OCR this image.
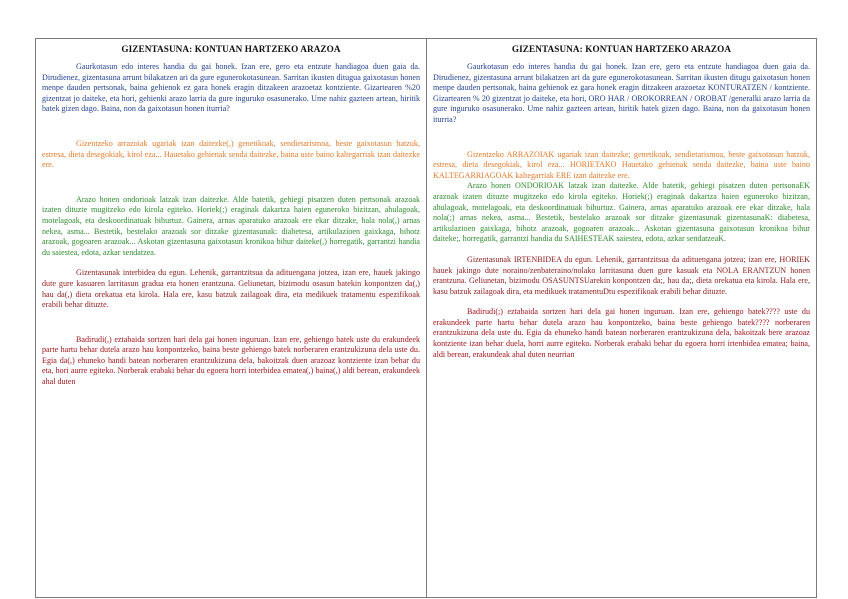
GIZENTASUNA: KONTUAN HARTZEKO ARAZOA

Gaurkotasun edo interes handia du gai honek. Izan ere, gero eta entzute handiagoa duen gaia da. Dirudienez, gizentasuna arrunt bilakatzen ari da gure egunerokotasunean. Sarritan ikusten dituguа gaixotasun honen menpe dauden pertsonak, baina gehienok ez gara honek eragin ditzakeen arazoetaz kontziente. Gizartearen %20 gizentzat jo daiteke, eta hori, gehienki arazo larria da gure inguruko osasunerako. Ume nahiz gazteen artean, hiritik batek gizen dago. Baina, non da gaixotasun honen iturria?

Gizentzeko arrazoiak ugariak izan daitezke(,) genetikoak, sendietarismoa, beste gaixotasun batzuk, estresa, dieta desegokiak, kirol eza... Hauetako gehienak senda daitezke, baina uste baino kaltegarriak izan daitezke ere.

Arazo honen ondorioak latzak izan daitezke. Alde batetik, gehiegi pisatzen duten pertsonak arazoak izaten dituzte mugitzeko edo kirola egiteko. Horiek(;) eraginak dakartza haien eguneroko bizitzan, ahulagoak, motelagoak, eta deskoordinatuak bihurtuz. Gainera, arnas aparatuko arazoak ere ekar ditzake, hala nola(,) arnas nekea, asma... Bestetik, bestelako arazoak sor ditzake gizentasunak: diabetesa, artikulazioen gaixkaga, bihotz arazoak, gogoaren arazoak... Askotan gizentasuna gaixotasun kronikoa bihur daiteke(,) horregatik, garrantzi handia du saiestea, edota, azkar sendatzea.

Gizentasunak interbidea du egun. Lehenik, garrantzitsua da adituengana jotzea, izan ere, hauek jakingo dute gure kasuaren larritasun gradua eta honen erantzuna. Geliunetan, bizimodu osasun batekin konpontzen da(,) hau da(,) dieta orekatua eta kirola. Hala ere, kasu batzuk zailagoak dira, eta medikuek tratamentu espezifikoak erabili behar dituzte.

Badirudi(,) eztabaida sortzen hari dela gai honen inguruan. Izan ere, gehiengo batek uste du erakundeek parte hartu behar dutela arazo hau konpontzeko, baina beste gehiengo batek norberaren erantzukizuna dela uste du. Egia da(,) ehuneko handi batean norberaren erantzukizuna dela, bakoitzak duen arazoaz kontziente izan behar du eta, hori aurre egiteko. Norberak erabaki behar du egoera horri interbidea ematea(,) baina(,) aldi berean, erakundeek ahal duten

GIZENTASUNA: KONTUAN HARTZEKO ARAZOA

Gaurkotasun edo interes handia du gai honek. Izan ere, gero eta entzute handiagoa duen gaia da. Dirudienez, gizentasuna arrunt bilakatzen ari da gure egunerokotasunean. Sarritan ikusten ditugu gaixotasun honen menpe dauden pertsonak, baina gehienok ez gara honek eragin ditzakeen arazoetaz KONTURATZEN / kontziente. Gizartearen % 20 gizentzat jo daiteke, eta hori, ORO HAR / OROKORREAN / OROBAT /generalki arazo larria da gure inguruko osasunerako. Ume nahiz gazteen artean, hiritik batek gizen dago. Baina, non da gaixotasun honen iturria?

Gizentzeko ARRAZOIAK ugariak izan daitezke; genetikoak, sendietarismoa, beste gaixotasun batzuk, estresa, dieta desegokiak, kirol eza... HORIETAKO Hauetako gehienak senda daitezke, baina uste baino KALTEGARRIAGOAK kaltegarriak ERE izan daitezke ere.

Arazo honen ONDORIOAK latzak izan daitezke. Alde batetik, gehiegi pisatzen duten pertsonaEK arazoak izaten dituzte mugitzeko edo kirola egiteko. Horiek(;) eraginak dakartza haien eguneroko bizitzan, ahulagoak, motelagoak, eta deskoordinatuak bihurtuz. Gainera, arnas aparatuko arazoak ere ekar ditzake, hala nola(;) arnas nekea, asma... Bestetik, bestelako arazoak sor ditzake gizentasunak gizentasunaK: diabetesa, artikulazioen gaixkaga, bihotz arazoak, gogoaren arazoak... Askotan gizentasuna gaixotasun kronikoa bihur daiteke;, horregatik, garrantzi handia du SAIHESTEAK saiestea, edota, azkar sendatzeaK.

Gizentasunak IRTENBIDEA du egun. Lehenik, garrantzitsua da adituengana jotzea; izan ere, HORIEK hauek jakingo dute noraino/zenbateraino/nolako larritasuna duen gure kasuak eta NOLA ERANTZUN honen erantzuna. Geliunetan, bizimodu OSASUNTSUarekin konpontzen da;, hau da;, dieta orekatua eta kirola. Hala ere, kasu batzuk zailagoak dira, eta medikuek tratamentuDtu espezifikoak erabili behar dituzte.

Badirudi(;) eztabaida sortzen hari dela gai honen inguruan. Izan ere, gehiengo batek???? uste du erakundeek parte hartu behar dutela arazo hau konpontzeko, baina beste gehiengo batek???? norberaren erantzukizuna dela uste du. Egia da ehuneko handi batean norberaren erantzukizuna dela, bakoitzak bere arazoaz kontziente izan behar duela, horri aurre egiteko. Norberak erabaki behar du egoera horri irtenbidea ematea; baina, aldi berean, erakundeak ahal duten neurrian
